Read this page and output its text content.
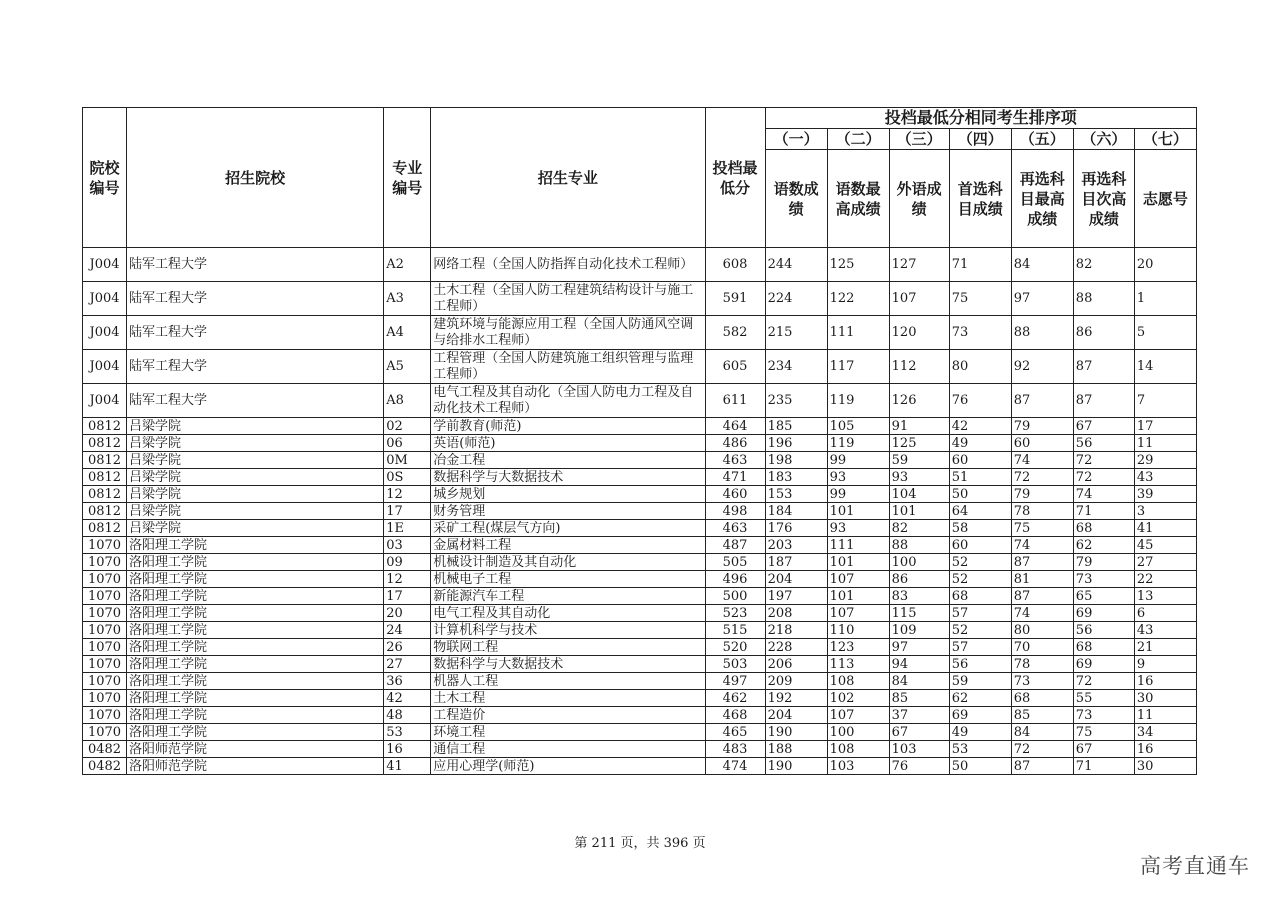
院校编号	招生院校	专业编号	招生专业	投档最低分	投档最低分相同考生排序项						
					（一）	（二）	（三）	（四）	（五）	（六）	（七）
					语数成绩	语数最高成绩	外语成绩	首选科目成绩	再选科目最高成绩	再选科目次高成绩	志愿号
J004	陆军工程大学	A2	网络工程（全国人防指挥自动化技术工程师）	608	244	125	127	71	84	82	20
J004	陆军工程大学	A3	土木工程（全国人防工程建筑结构设计与施工工程师）	591	224	122	107	75	97	88	1
J004	陆军工程大学	A4	建筑环境与能源应用工程（全国人防通风空调与给排水工程师）	582	215	111	120	73	88	86	5
J004	陆军工程大学	A5	工程管理（全国人防建筑施工组织管理与监理工程师）	605	234	117	112	80	92	87	14
J004	陆军工程大学	A8	电气工程及其自动化（全国人防电力工程及自动化技术工程师）	611	235	119	126	76	87	87	7
0812	吕梁学院	02	学前教育(师范)	464	185	105	91	42	79	67	17
0812	吕梁学院	06	英语(师范)	486	196	119	125	49	60	56	11
0812	吕梁学院	0M	冶金工程	463	198	99	59	60	74	72	29
0812	吕梁学院	0S	数据科学与大数据技术	471	183	93	93	51	72	72	43
0812	吕梁学院	12	城乡规划	460	153	99	104	50	79	74	39
0812	吕梁学院	17	财务管理	498	184	101	101	64	78	71	3
0812	吕梁学院	1E	采矿工程(煤层气方向)	463	176	93	82	58	75	68	41
1070	洛阳理工学院	03	金属材料工程	487	203	111	88	60	74	62	45
1070	洛阳理工学院	09	机械设计制造及其自动化	505	187	101	100	52	87	79	27
1070	洛阳理工学院	12	机械电子工程	496	204	107	86	52	81	73	22
1070	洛阳理工学院	17	新能源汽车工程	500	197	101	83	68	87	65	13
1070	洛阳理工学院	20	电气工程及其自动化	523	208	107	115	57	74	69	6
1070	洛阳理工学院	24	计算机科学与技术	515	218	110	109	52	80	56	43
1070	洛阳理工学院	26	物联网工程	520	228	123	97	57	70	68	21
1070	洛阳理工学院	27	数据科学与大数据技术	503	206	113	94	56	78	69	9
1070	洛阳理工学院	36	机器人工程	497	209	108	84	59	73	72	16
1070	洛阳理工学院	42	土木工程	462	192	102	85	62	68	55	30
1070	洛阳理工学院	48	工程造价	468	204	107	37	69	85	73	11
1070	洛阳理工学院	53	环境工程	465	190	100	67	49	84	75	34
0482	洛阳师范学院	16	通信工程	483	188	108	103	53	72	67	16
0482	洛阳师范学院	41	应用心理学(师范)	474	190	103	76	50	87	71	30
第 211 页，共 396 页
高考直通车
